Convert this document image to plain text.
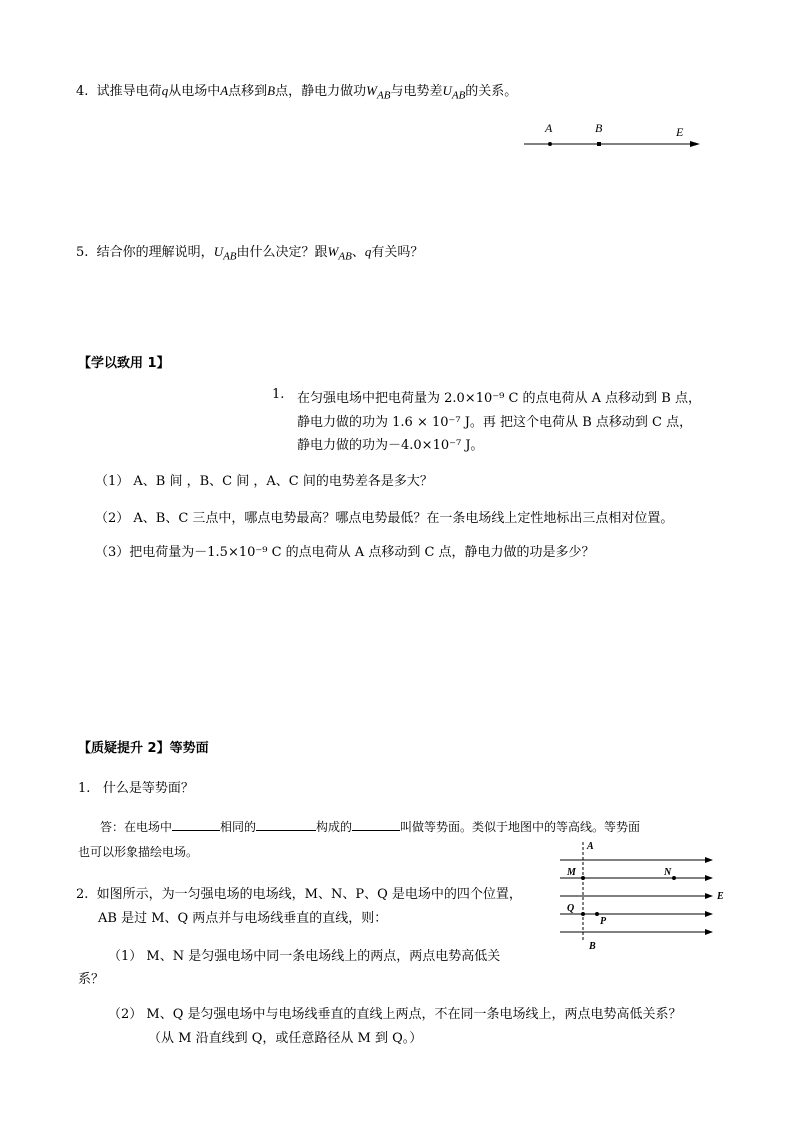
4. 试推导电荷q从电场中A点移到B点，静电力做功$W_{AB}$与电势差$U_{AB}$的关系。
A	B	E
5. 结合你的理解说明，$U_{AB}$由什么决定？跟$W_{AB}$、q有关吗？
【学以致用 1】
1. 在匀强电场中把电荷量为 2.0×10⁻⁹ C 的点电荷从 A 点移动到 B 点，
静电力做的功为 1.6 × 10⁻⁷ J。再 把这个电荷从 B 点移动到 C 点，
静电力做的功为－4.0×10⁻⁷ J。
（1） A、B 间 ，B、C 间 ，A、C 间的电势差各是多大？
（2） A、B、C 三点中，哪点电势最高？哪点电势最低？在一条电场线上定性地标出三点相对位置。
（3）把电荷量为－1.5×10⁻⁹ C 的点电荷从 A 点移动到 C 点，静电力做的功是多少？
【质疑提升 2】等势面
1. 什么是等势面？
答：在电场中	相同的	构成的	叫做等势面。类似于地图中的等高线。等势面
也可以形象描绘电场。
2. 如图所示，为一匀强电场的电场线，M、N、P、Q 是电场中的四个位置，
AB 是过 M、Q 两点并与电场线垂直的直线，则：
（1） M、N 是匀强电场中同一条电场线上的两点，两点电势高低关
系？
（2） M、Q 是匀强电场中与电场线垂直的直线上两点，不在同一条电场线上，两点电势高低关系？
（从 M 沿直线到 Q，或任意路径从 M 到 Q。）
A
B
M	N
E
Q
P
